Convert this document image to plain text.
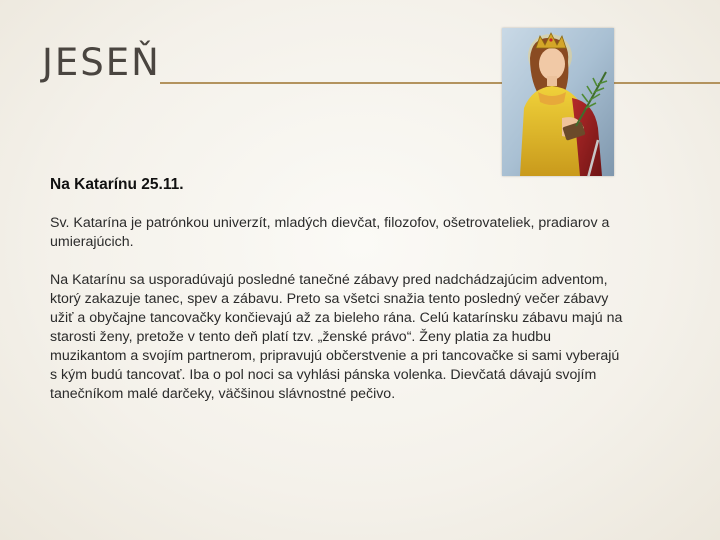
JESEŇ
Na Katarínu 25.11.

Sv. Katarína je patrónkou univerzít, mladých dievčat, filozofov, ošetrovateliek, pradiarov a umierajúcich.

Na Katarínu sa usporadúvajú posledné tanečné zábavy pred nadchádzajúcim adventom, ktorý zakazuje tanec, spev a zábavu. Preto sa všetci snažia tento posledný večer zábavy užiť a obyčajne tancovačky končievajú až za bieleho rána. Celú katarínsku zábavu majú na starosti ženy, pretože v tento deň platí tzv. „ženské právo“. Ženy platia za hudbu muzikantom a svojím partnerom, pripravujú občerstvenie a pri tancovačke si sami vyberajú s kým budú tancovať. Iba o pol noci sa vyhlási pánska volenka. Dievčatá dávajú svojím tanečníkom malé darčeky, väčšinou slávnostné pečivo.
